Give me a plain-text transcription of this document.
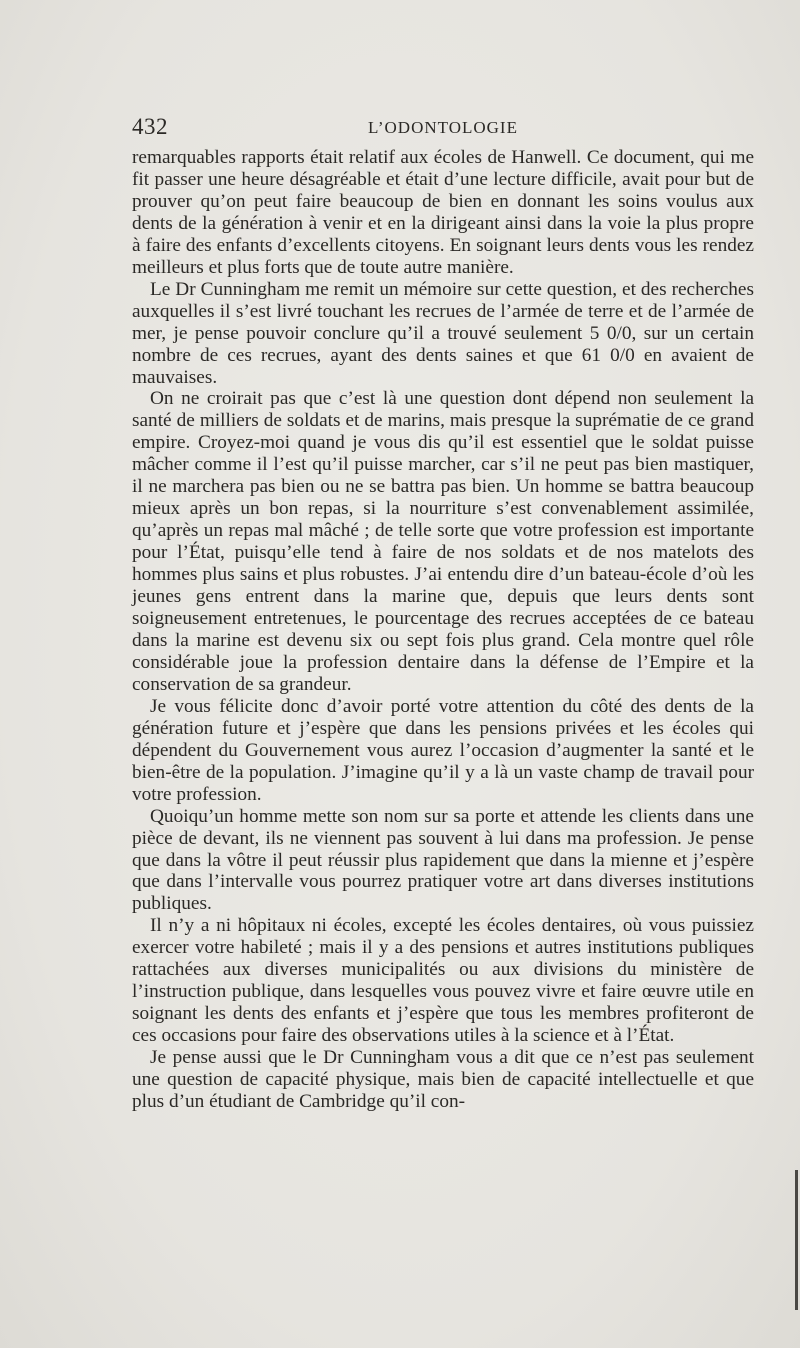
432	L’ODONTOLOGIE

remarquables rapports était relatif aux écoles de Hanwell. Ce document, qui me fit passer une heure désagréable et était d’une lecture difficile, avait pour but de prouver qu’on peut faire beaucoup de bien en donnant les soins voulus aux dents de la génération à venir et en la dirigeant ainsi dans la voie la plus propre à faire des enfants d’excellents citoyens. En soignant leurs dents vous les rendez meilleurs et plus forts que de toute autre manière.

Le Dr Cunningham me remit un mémoire sur cette question, et des recherches auxquelles il s’est livré touchant les recrues de l’armée de terre et de l’armée de mer, je pense pouvoir conclure qu’il a trouvé seulement 5 0/0, sur un certain nombre de ces recrues, ayant des dents saines et que 61 0/0 en avaient de mauvaises.

On ne croirait pas que c’est là une question dont dépend non seulement la santé de milliers de soldats et de marins, mais presque la suprématie de ce grand empire. Croyez-moi quand je vous dis qu’il est essentiel que le soldat puisse mâcher comme il l’est qu’il puisse marcher, car s’il ne peut pas bien mastiquer, il ne marchera pas bien ou ne se battra pas bien. Un homme se battra beaucoup mieux après un bon repas, si la nourriture s’est convenablement assimilée, qu’après un repas mal mâché ; de telle sorte que votre profession est importante pour l’État, puisqu’elle tend à faire de nos soldats et de nos matelots des hommes plus sains et plus robustes. J’ai entendu dire d’un bateau-école d’où les jeunes gens entrent dans la marine que, depuis que leurs dents sont soigneusement entretenues, le pourcentage des recrues acceptées de ce bateau dans la marine est devenu six ou sept fois plus grand. Cela montre quel rôle considérable joue la profession dentaire dans la défense de l’Empire et la conservation de sa grandeur.

Je vous félicite donc d’avoir porté votre attention du côté des dents de la génération future et j’espère que dans les pensions privées et les écoles qui dépendent du Gouvernement vous aurez l’occasion d’augmenter la santé et le bien-être de la population. J’imagine qu’il y a là un vaste champ de travail pour votre profession.

Quoiqu’un homme mette son nom sur sa porte et attende les clients dans une pièce de devant, ils ne viennent pas souvent à lui dans ma profession. Je pense que dans la vôtre il peut réussir plus rapidement que dans la mienne et j’espère que dans l’intervalle vous pourrez pratiquer votre art dans diverses institutions publiques.

Il n’y a ni hôpitaux ni écoles, excepté les écoles dentaires, où vous puissiez exercer votre habileté ; mais il y a des pensions et autres institutions publiques rattachées aux diverses municipalités ou aux divisions du ministère de l’instruction publique, dans lesquelles vous pouvez vivre et faire œuvre utile en soignant les dents des enfants et j’espère que tous les membres profiteront de ces occasions pour faire des observations utiles à la science et à l’État.

Je pense aussi que le Dr Cunningham vous a dit que ce n’est pas seulement une question de capacité physique, mais bien de capacité intellectuelle et que plus d’un étudiant de Cambridge qu’il con-
